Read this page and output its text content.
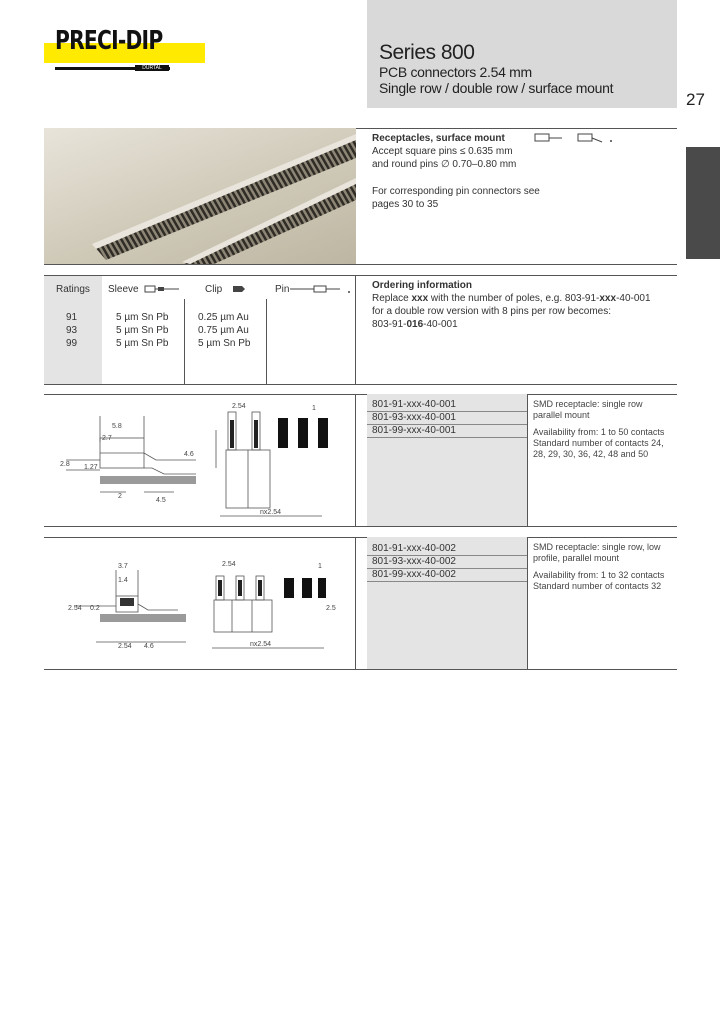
PRECI-DIP
DURTAL
Series 800
PCB connectors 2.54 mm
Single row / double row / surface mount
27
Receptacles, surface mount
Accept square pins ≤ 0.635 mm
and round pins ∅ 0.70–0.80 mm
For corresponding pin connectors see
pages 30 to 35
Ratings Sleeve	Clip	Pin
91	5 µm Sn Pb	0.25 µm Au
93	5 µm Sn Pb	0.75 µm Au
99	5 µm Sn Pb	5 µm Sn Pb
Ordering information
Replace xxx with the number of poles, e.g. 803-91-xxx-40-001
for a double row version with 8 pins per row becomes:
803-91-016-40-001
801-91-xxx-40-001
801-93-xxx-40-001
801-99-xxx-40-001
SMD receptacle: single row
parallel mount
Availability from: 1 to 50 contacts
Standard number of contacts 24,
28, 29, 30, 36, 42, 48 and 50
5.8
2.7
2.8 1.27
4.6
2
4.5
2.54	1
nx2.54
801-91-xxx-40-002
801-93-xxx-40-002
801-99-xxx-40-002
SMD receptacle: single row, low
profile, parallel mount
Availability from: 1 to 32 contacts
Standard number of contacts 32
3.7
1.4
2.54 0.2
2.54 4.6
2.54
2.5
1
nx2.54
